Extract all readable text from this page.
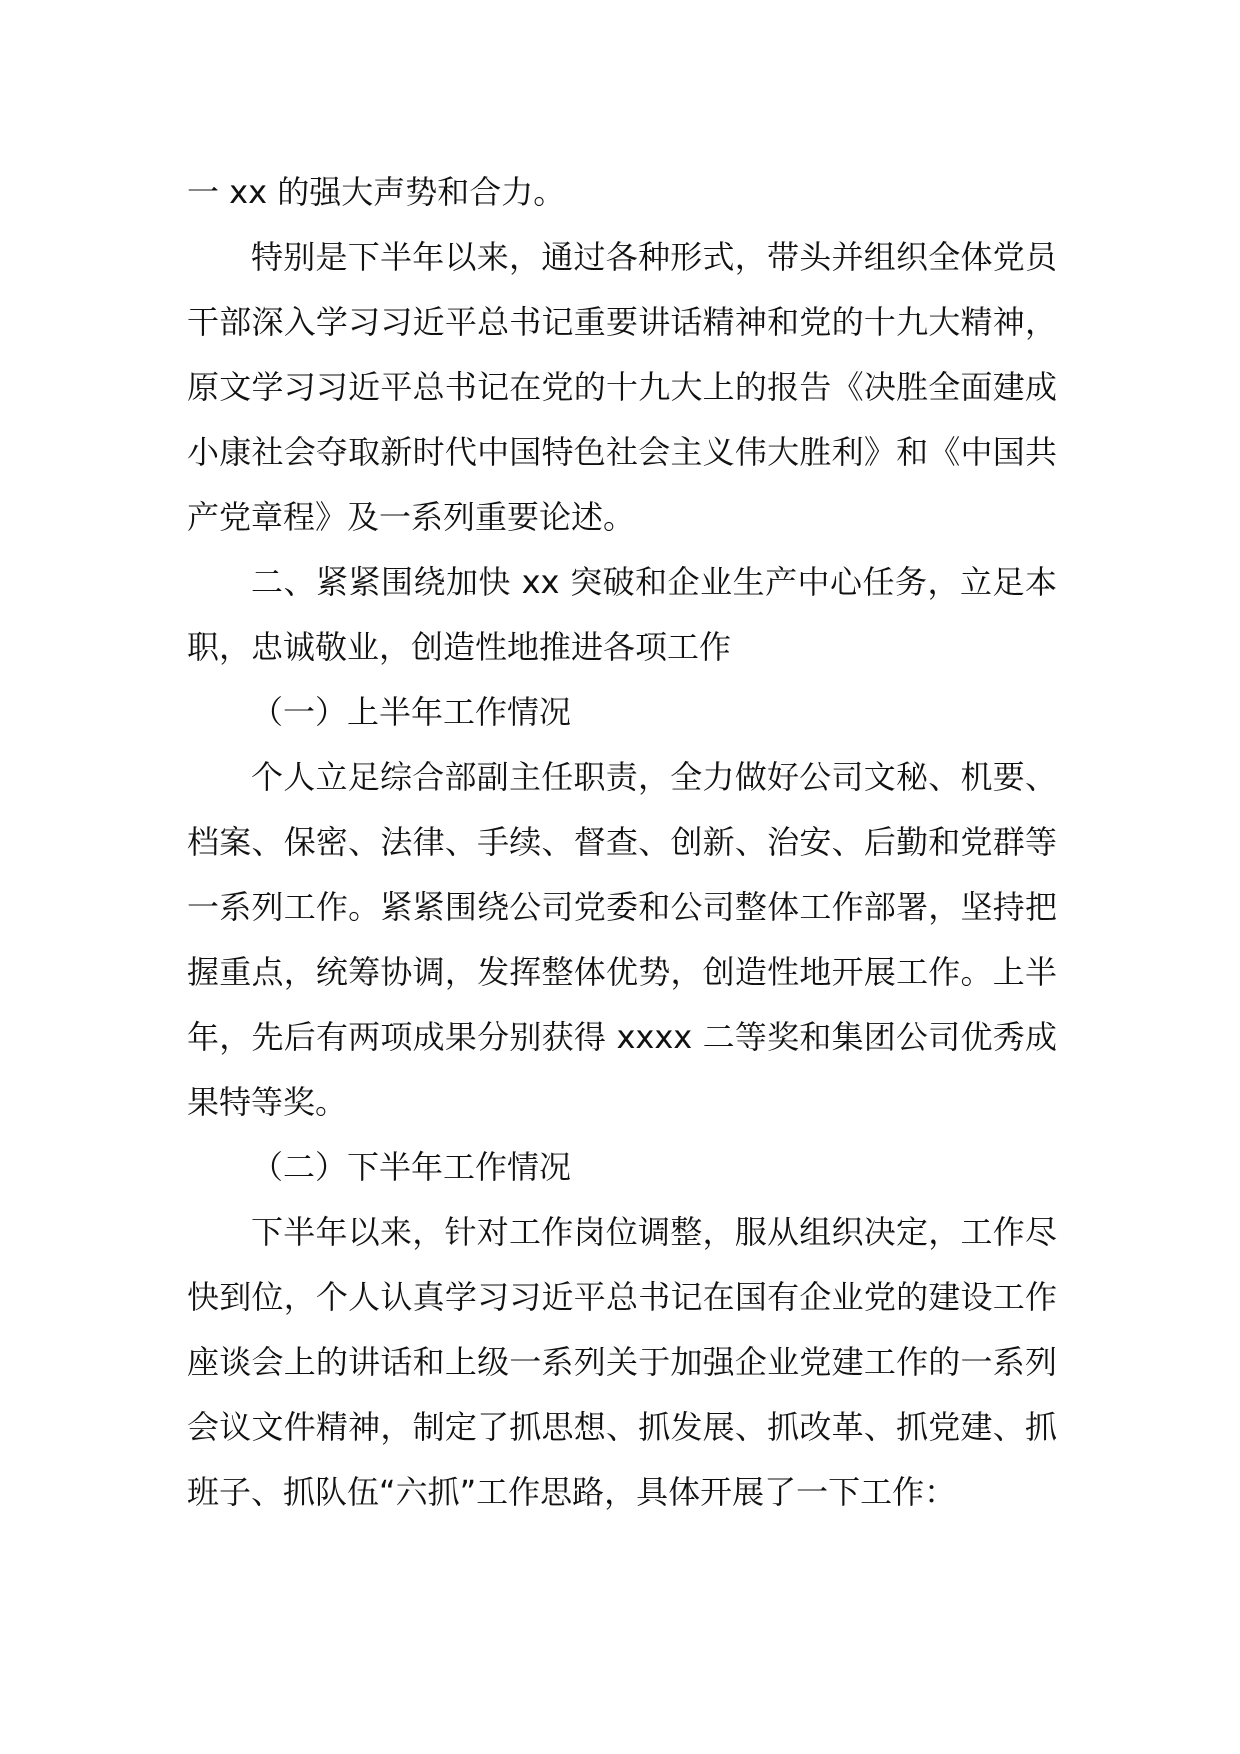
一 xx 的强大声势和合力。

特别是下半年以来，通过各种形式，带头并组织全体党员干部深入学习习近平总书记重要讲话精神和党的十九大精神，原文学习习近平总书记在党的十九大上的报告《决胜全面建成小康社会夺取新时代中国特色社会主义伟大胜利》和《中国共产党章程》及一系列重要论述。

二、紧紧围绕加快 xx 突破和企业生产中心任务，立足本职，忠诚敬业，创造性地推进各项工作

（一）上半年工作情况

个人立足综合部副主任职责，全力做好公司文秘、机要、档案、保密、法律、手续、督查、创新、治安、后勤和党群等一系列工作。紧紧围绕公司党委和公司整体工作部署，坚持把握重点，统筹协调，发挥整体优势，创造性地开展工作。上半年，先后有两项成果分别获得 xxxx 二等奖和集团公司优秀成果特等奖。

（二）下半年工作情况

下半年以来，针对工作岗位调整，服从组织决定，工作尽快到位，个人认真学习习近平总书记在国有企业党的建设工作座谈会上的讲话和上级一系列关于加强企业党建工作的一系列会议文件精神，制定了抓思想、抓发展、抓改革、抓党建、抓班子、抓队伍“六抓”工作思路，具体开展了一下工作：
